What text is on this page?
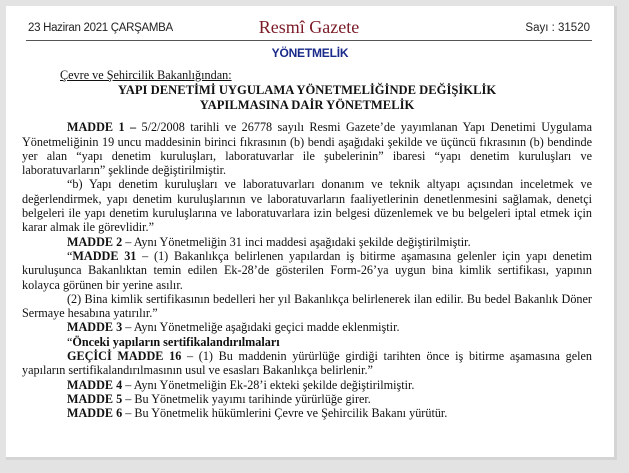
23 Haziran 2021 ÇARŞAMBA	Resmî Gazete	Sayı : 31520
YÖNETMELİK
Çevre ve Şehircilik Bakanlığından:
YAPI DENETİMİ UYGULAMA YÖNETMELİĞİNDE DEĞİŞİKLİK
YAPILMASINA DAİR YÖNETMELİK

MADDE 1 – 5/2/2008 tarihli ve 26778 sayılı Resmi Gazete’de yayımlanan Yapı Denetimi Uygulama Yönetmeliğinin 19 uncu maddesinin birinci fıkrasının (b) bendi aşağıdaki şekilde ve üçüncü fıkrasının (b) bendinde yer alan “yapı denetim kuruluşları, laboratuvarlar ile şubelerinin” ibaresi “yapı denetim kuruluşları ve laboratuvarların” şeklinde değiştirilmiştir.

“b) Yapı denetim kuruluşları ve laboratuvarları donanım ve teknik altyapı açısından inceletmek ve değerlendirmek, yapı denetim kuruluşlarının ve laboratuvarların faaliyetlerinin denetlenmesini sağlamak, denetçi belgeleri ile yapı denetim kuruluşlarına ve laboratuvarlara izin belgesi düzenlemek ve bu belgeleri iptal etmek için karar almak ile görevlidir.”

MADDE 2 – Aynı Yönetmeliğin 31 inci maddesi aşağıdaki şekilde değiştirilmiştir.

“MADDE 31 – (1) Bakanlıkça belirlenen yapılardan iş bitirme aşamasına gelenler için yapı denetim kuruluşunca Bakanlıktan temin edilen Ek-28’de gösterilen Form-26’ya uygun bina kimlik sertifikası, yapının kolayca görünen bir yerine asılır.

(2) Bina kimlik sertifikasının bedelleri her yıl Bakanlıkça belirlenerek ilan edilir. Bu bedel Bakanlık Döner Sermaye hesabına yatırılır.”

MADDE 3 – Aynı Yönetmeliğe aşağıdaki geçici madde eklenmiştir.

“Önceki yapıların sertifikalandırılmaları

GEÇİCİ MADDE 16 – (1) Bu maddenin yürürlüğe girdiği tarihten önce iş bitirme aşamasına gelen yapıların sertifikalandırılmasının usul ve esasları Bakanlıkça belirlenir.”

MADDE 4 – Aynı Yönetmeliğin Ek-28’i ekteki şekilde değiştirilmiştir.

MADDE 5 – Bu Yönetmelik yayımı tarihinde yürürlüğe girer.

MADDE 6 – Bu Yönetmelik hükümlerini Çevre ve Şehircilik Bakanı yürütür.
